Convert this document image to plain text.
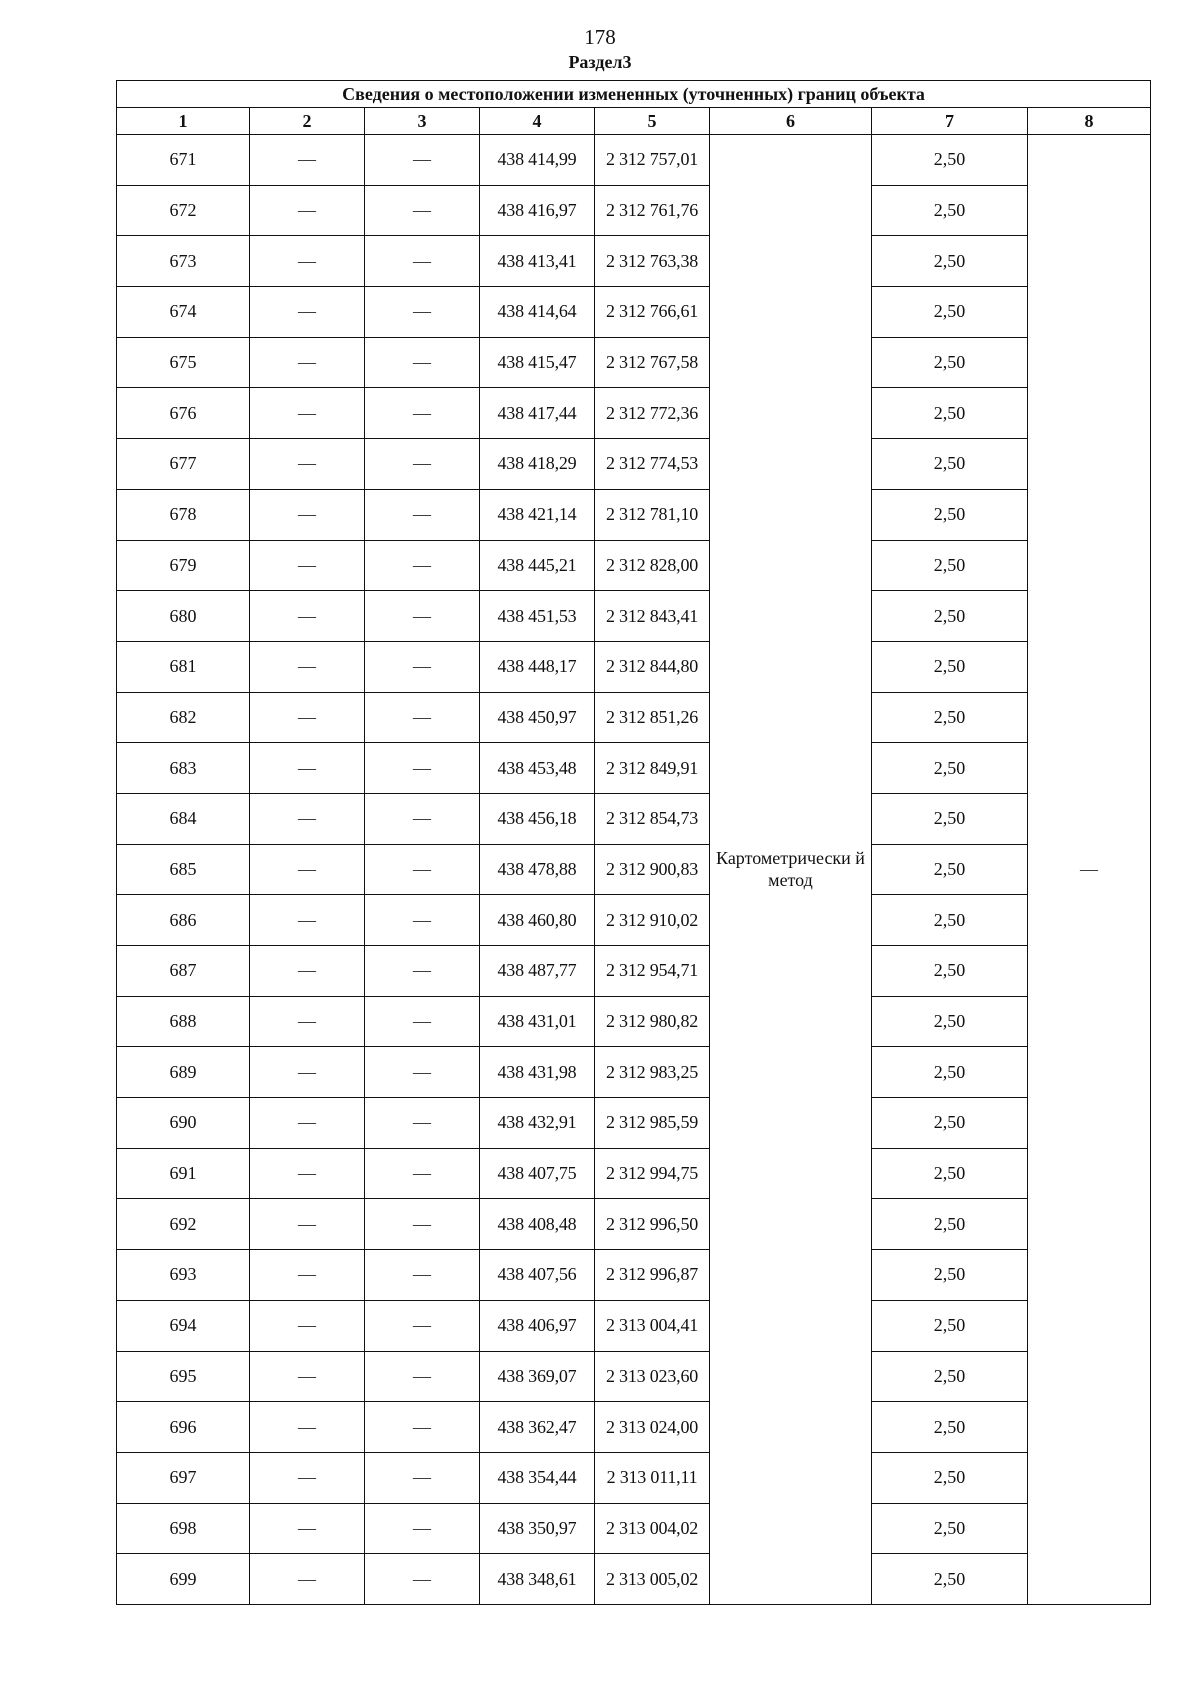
178
Раздел3
Сведения о местоположении измененных (уточненных) границ объекта							
1	2	3	4	5	6	7	8
671	—	—	438 414,99	2 312 757,01	Картометрически й метод	2,50	—
672	—	—	438 416,97	2 312 761,76		2,50	
673	—	—	438 413,41	2 312 763,38		2,50	
674	—	—	438 414,64	2 312 766,61		2,50	
675	—	—	438 415,47	2 312 767,58		2,50	
676	—	—	438 417,44	2 312 772,36		2,50	
677	—	—	438 418,29	2 312 774,53		2,50	
678	—	—	438 421,14	2 312 781,10		2,50	
679	—	—	438 445,21	2 312 828,00		2,50	
680	—	—	438 451,53	2 312 843,41		2,50	
681	—	—	438 448,17	2 312 844,80		2,50	
682	—	—	438 450,97	2 312 851,26		2,50	
683	—	—	438 453,48	2 312 849,91		2,50	
684	—	—	438 456,18	2 312 854,73		2,50	
685	—	—	438 478,88	2 312 900,83		2,50	
686	—	—	438 460,80	2 312 910,02		2,50	
687	—	—	438 487,77	2 312 954,71		2,50	
688	—	—	438 431,01	2 312 980,82		2,50	
689	—	—	438 431,98	2 312 983,25		2,50	
690	—	—	438 432,91	2 312 985,59		2,50	
691	—	—	438 407,75	2 312 994,75		2,50	
692	—	—	438 408,48	2 312 996,50		2,50	
693	—	—	438 407,56	2 312 996,87		2,50	
694	—	—	438 406,97	2 313 004,41		2,50	
695	—	—	438 369,07	2 313 023,60		2,50	
696	—	—	438 362,47	2 313 024,00		2,50	
697	—	—	438 354,44	2 313 011,11		2,50	
698	—	—	438 350,97	2 313 004,02		2,50	
699	—	—	438 348,61	2 313 005,02		2,50	
